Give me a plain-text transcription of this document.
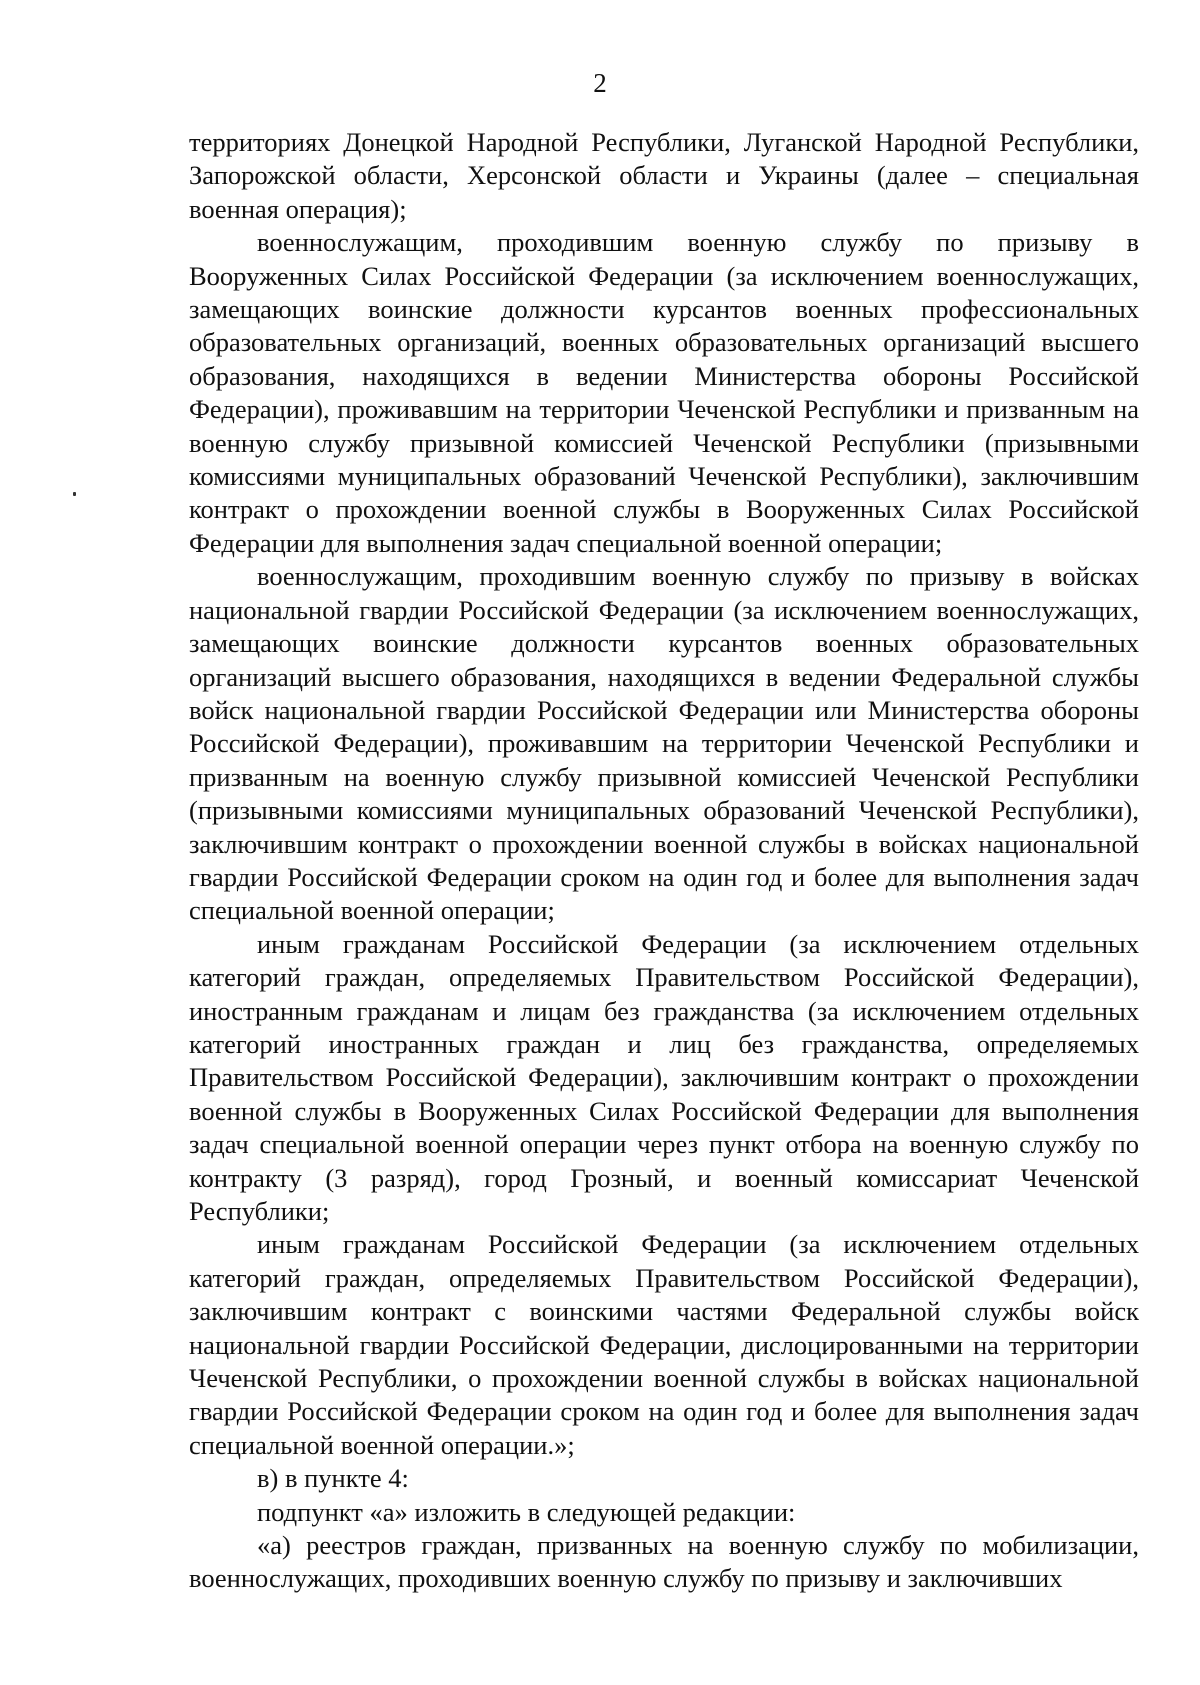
2

территориях Донецкой Народной Республики, Луганской Народной Республики, Запорожской области, Херсонской области и Украины (далее – специальная военная операция);

военнослужащим, проходившим военную службу по призыву в Вооруженных Силах Российской Федерации (за исключением военнослужащих, замещающих воинские должности курсантов военных профессиональных образовательных организаций, военных образовательных организаций высшего образования, находящихся в ведении Министерства обороны Российской Федерации), проживавшим на территории Чеченской Республики и призванным на военную службу призывной комиссией Чеченской Республики (призывными комиссиями муниципальных образований Чеченской Республики), заключившим контракт о прохождении военной службы в Вооруженных Силах Российской Федерации для выполнения задач специальной военной операции;

военнослужащим, проходившим военную службу по призыву в войсках национальной гвардии Российской Федерации (за исключением военнослужащих, замещающих воинские должности курсантов военных образовательных организаций высшего образования, находящихся в ведении Федеральной службы войск национальной гвардии Российской Федерации или Министерства обороны Российской Федерации), проживавшим на территории Чеченской Республики и призванным на военную службу призывной комиссией Чеченской Республики (призывными комиссиями муниципальных образований Чеченской Республики), заключившим контракт о прохождении военной службы в войсках национальной гвардии Российской Федерации сроком на один год и более для выполнения задач специальной военной операции;

иным гражданам Российской Федерации (за исключением отдельных категорий граждан, определяемых Правительством Российской Федерации), иностранным гражданам и лицам без гражданства (за исключением отдельных категорий иностранных граждан и лиц без гражданства, определяемых Правительством Российской Федерации), заключившим контракт о прохождении военной службы в Вооруженных Силах Российской Федерации для выполнения задач специальной военной операции через пункт отбора на военную службу по контракту (3 разряд), город Грозный, и военный комиссариат Чеченской Республики;

иным гражданам Российской Федерации (за исключением отдельных категорий граждан, определяемых Правительством Российской Федерации), заключившим контракт с воинскими частями Федеральной службы войск национальной гвардии Российской Федерации, дислоцированными на территории Чеченской Республики, о прохождении военной службы в войсках национальной гвардии Российской Федерации сроком на один год и более для выполнения задач специальной военной операции.»;

в) в пункте 4:

подпункт «а» изложить в следующей редакции:

«а) реестров граждан, призванных на военную службу по мобилизации, военнослужащих, проходивших военную службу по призыву и заключивших
